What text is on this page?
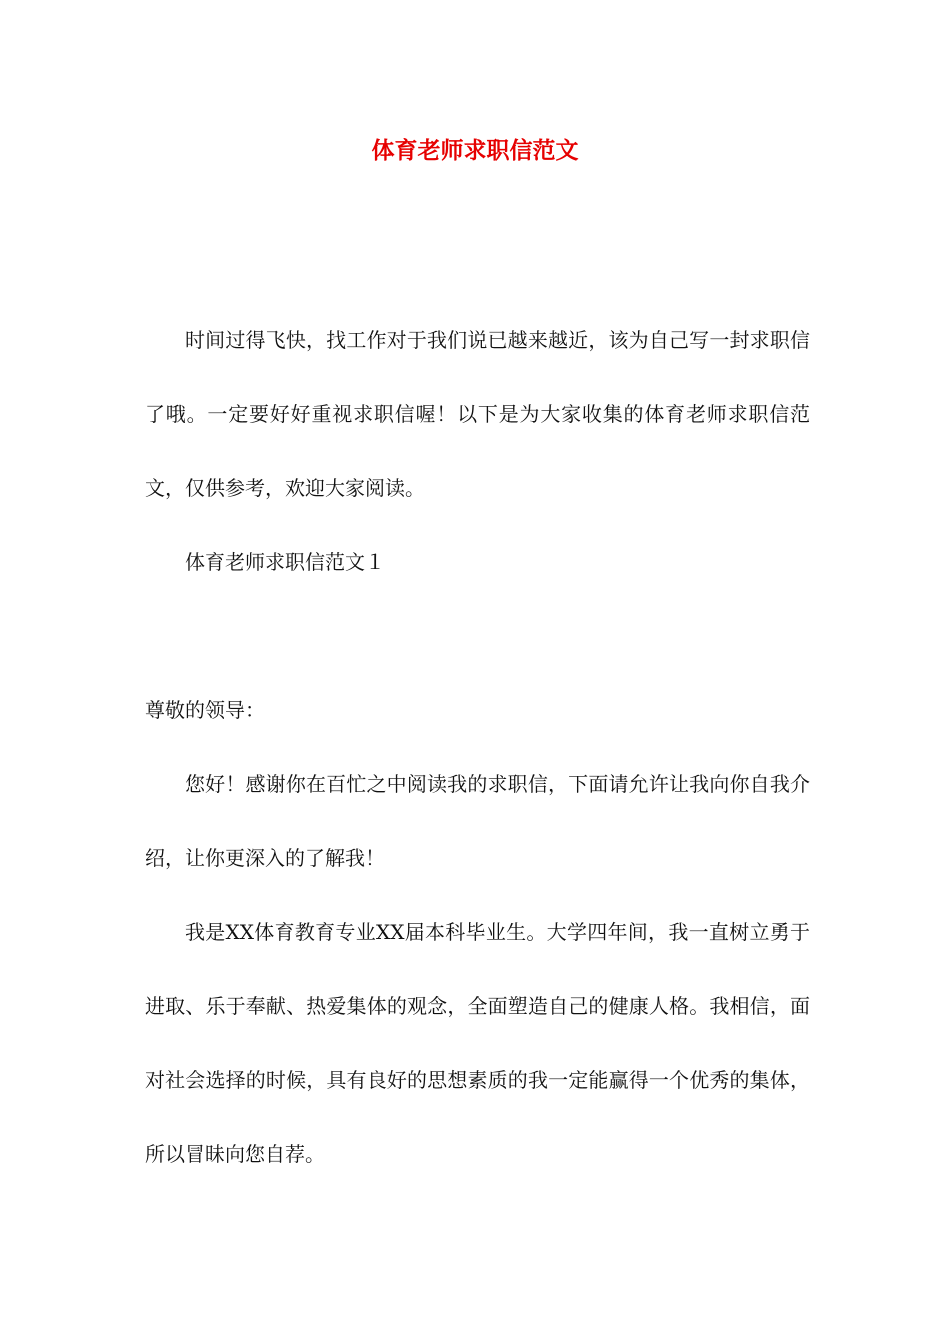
体育老师求职信范文

时间过得飞快，找工作对于我们说已越来越近，该为自己写一封求职信了哦。一定要好好重视求职信喔！以下是为大家收集的体育老师求职信范文，仅供参考，欢迎大家阅读。

体育老师求职信范文１

尊敬的领导：

您好！感谢你在百忙之中阅读我的求职信，下面请允许让我向你自我介绍，让你更深入的了解我！

我是XX体育教育专业XX届本科毕业生。大学四年间，我一直树立勇于进取、乐于奉献、热爱集体的观念，全面塑造自己的健康人格。我相信，面对社会选择的时候，具有良好的思想素质的我一定能赢得一个优秀的集体，所以冒昧向您自荐。
